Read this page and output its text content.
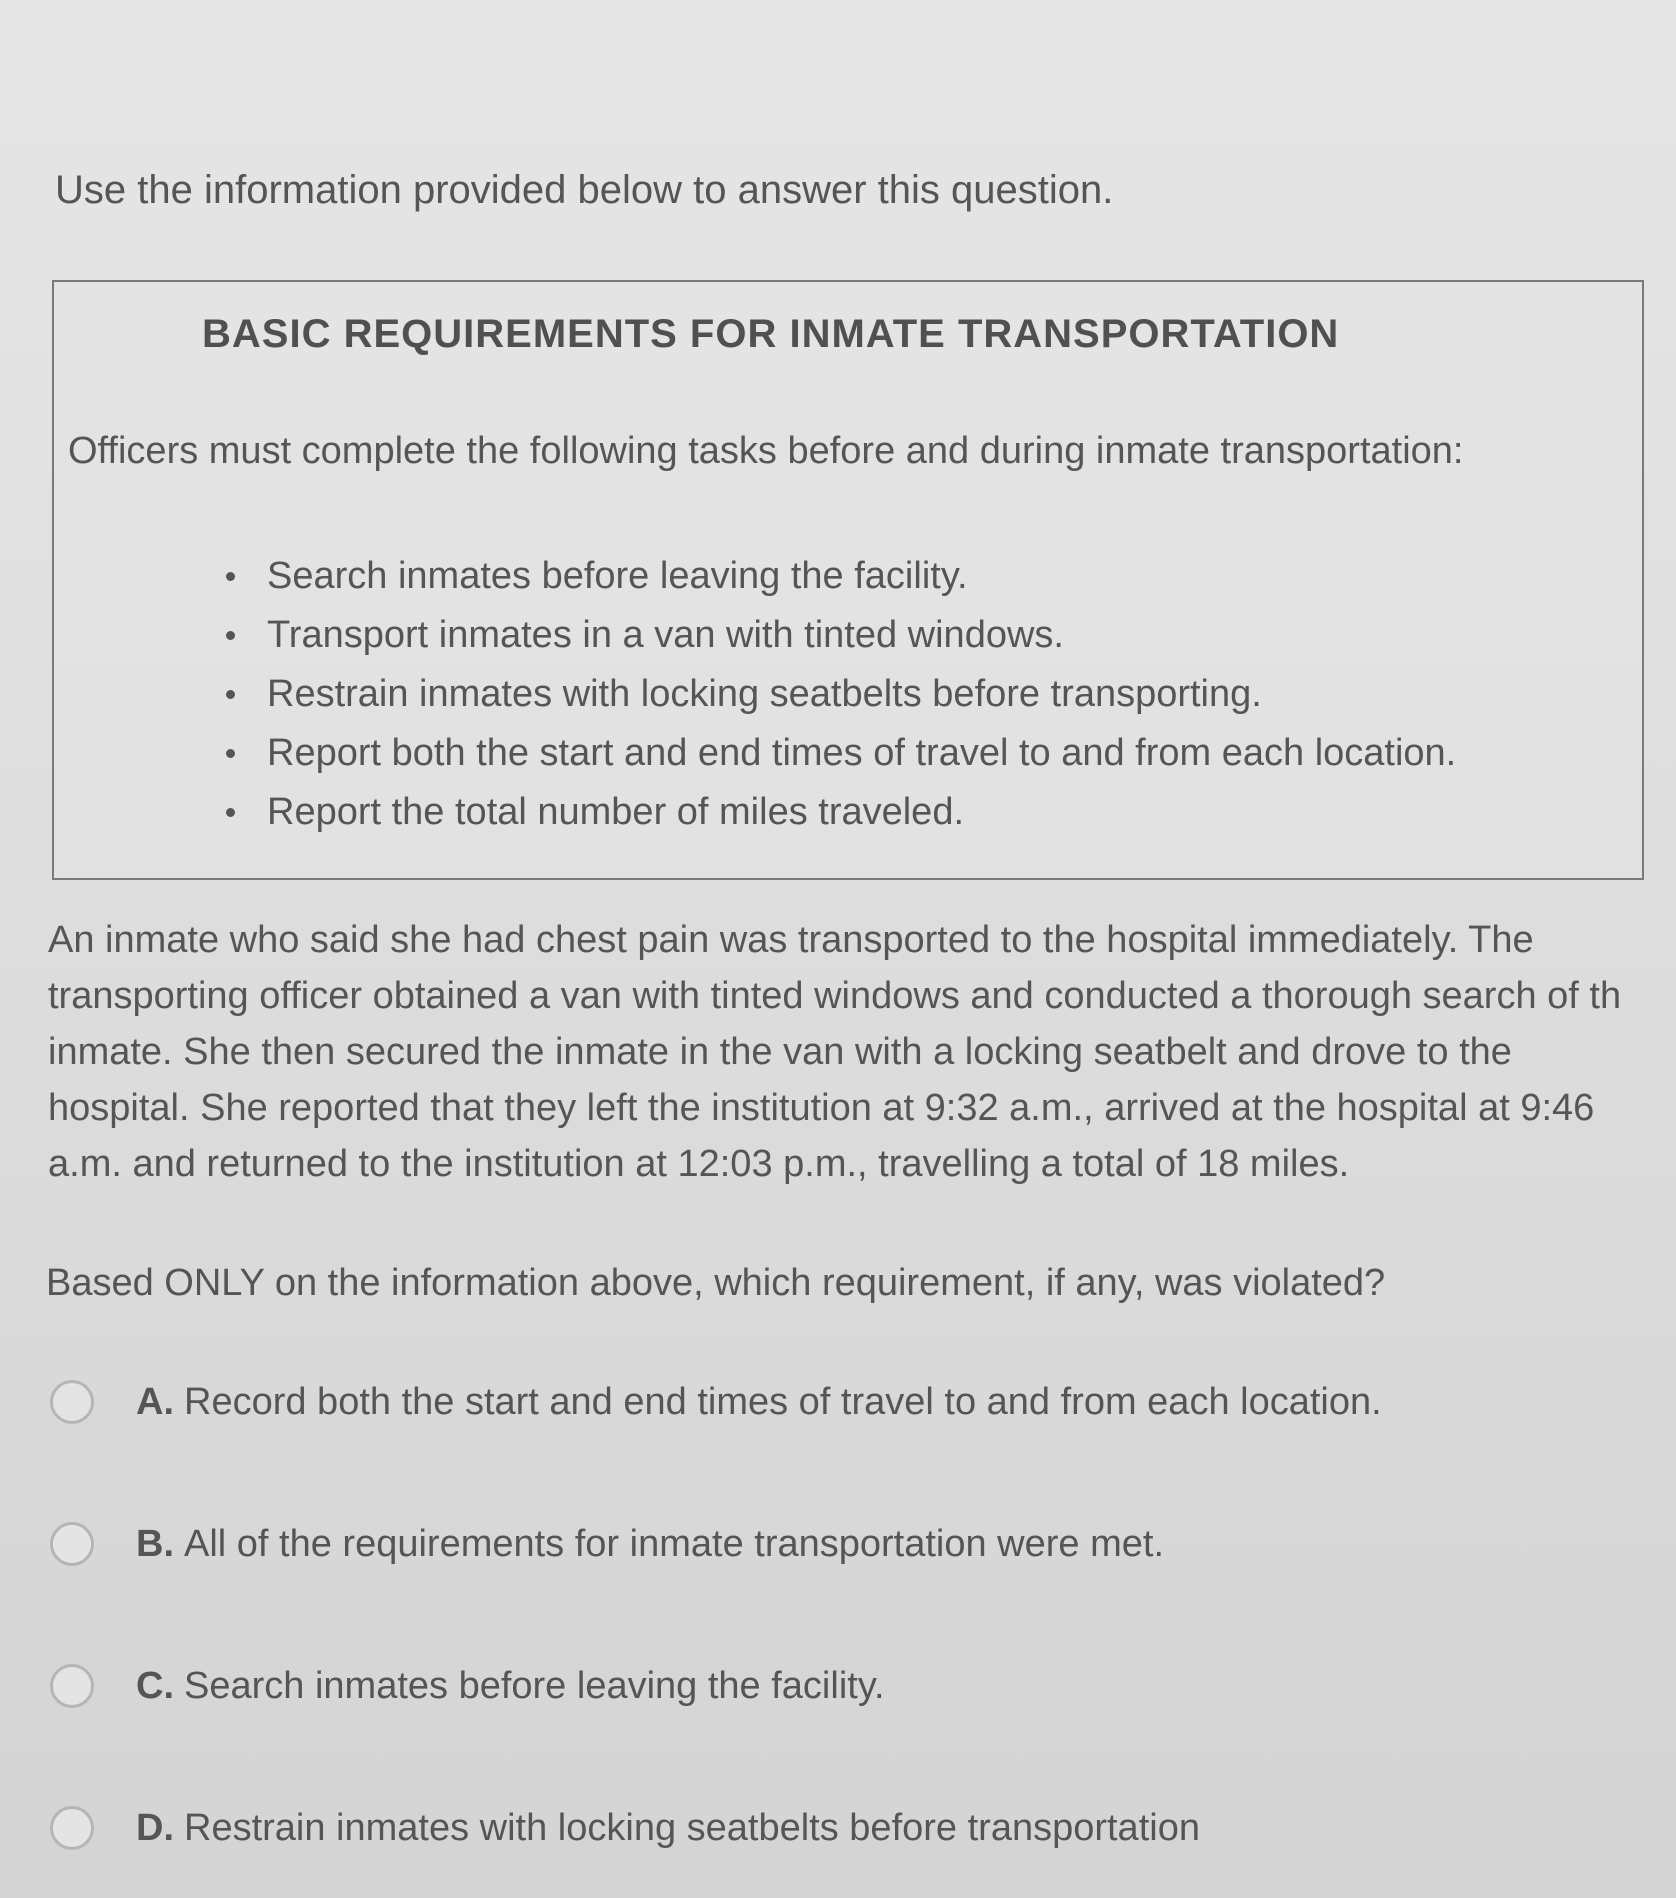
Use the information provided below to answer this question.
BASIC REQUIREMENTS FOR INMATE TRANSPORTATION
Officers must complete the following tasks before and during inmate transportation:
Search inmates before leaving the facility.
Transport inmates in a van with tinted windows.
Restrain inmates with locking seatbelts before transporting.
Report both the start and end times of travel to and from each location.
Report the total number of miles traveled.

An inmate who said she had chest pain was transported to the hospital immediately. The

transporting officer obtained a van with tinted windows and conducted a thorough search of th

inmate. She then secured the inmate in the van with a locking seatbelt and drove to the

hospital. She reported that they left the institution at 9:32 a.m., arrived at the hospital at 9:46

a.m. and returned to the institution at 12:03 p.m., travelling a total of 18 miles.

Based ONLY on the information above, which requirement, if any, was violated?
A. Record both the start and end times of travel to and from each location.
B. All of the requirements for inmate transportation were met.
C. Search inmates before leaving the facility.
D. Restrain inmates with locking seatbelts before transportation
